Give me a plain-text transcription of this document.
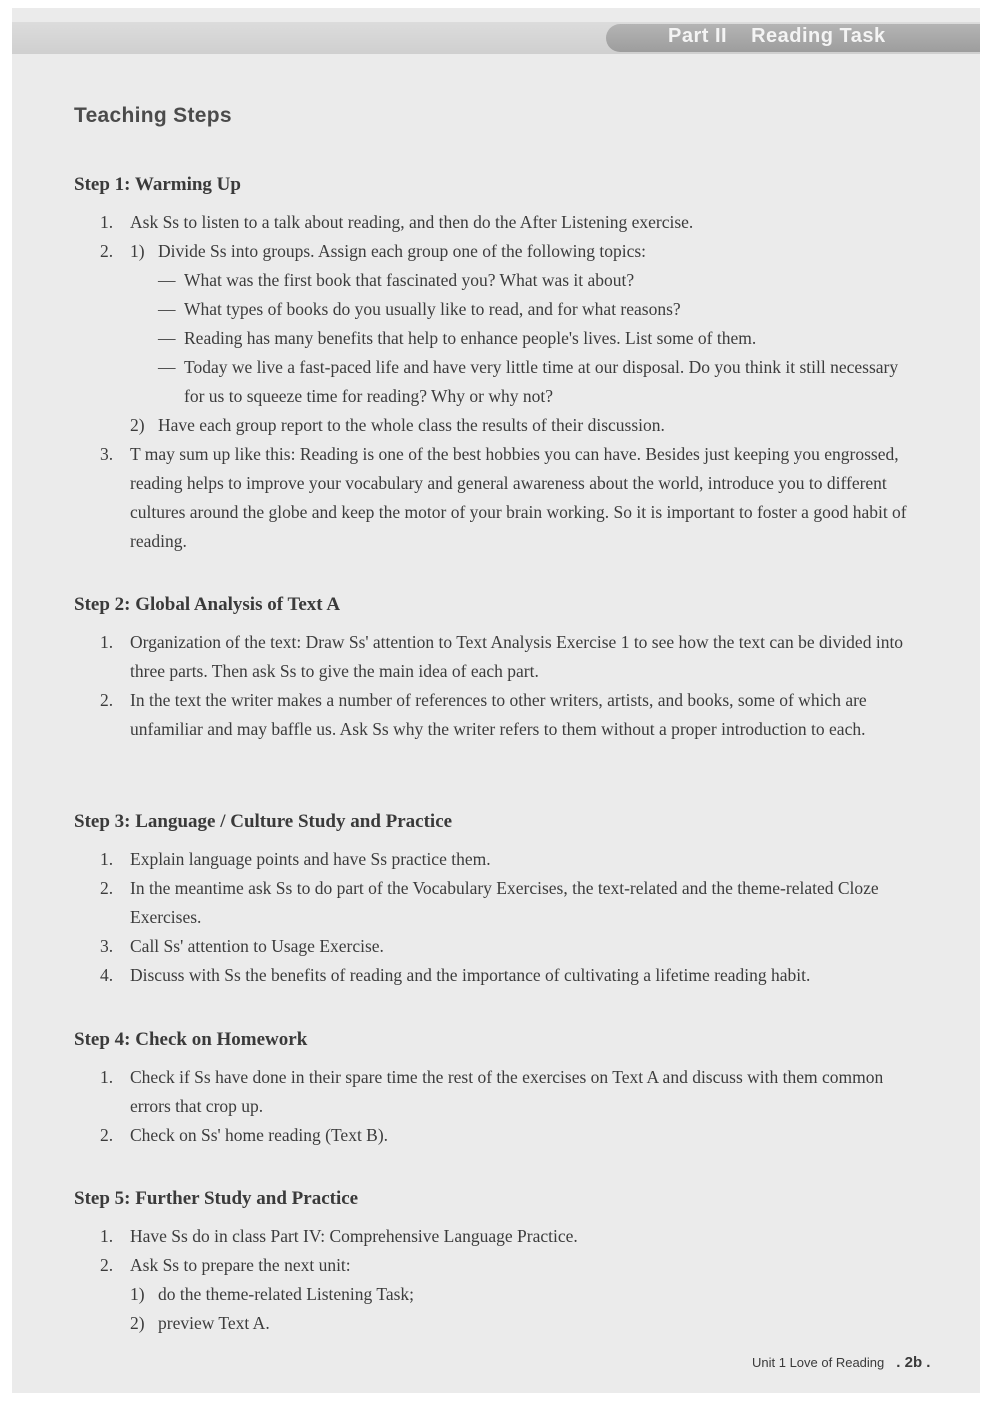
Part II Reading Task
Teaching Steps
Step 1: Warming Up
1. Ask Ss to listen to a talk about reading, and then do the After Listening exercise.
2. 1) Divide Ss into groups. Assign each group one of the following topics:
— What was the first book that fascinated you? What was it about?
— What types of books do you usually like to read, and for what reasons?
— Reading has many benefits that help to enhance people's lives. List some of them.
— Today we live a fast-paced life and have very little time at our disposal. Do you think it still necessary for us to squeeze time for reading? Why or why not?
2) Have each group report to the whole class the results of their discussion.
3. T may sum up like this: Reading is one of the best hobbies you can have. Besides just keeping you engrossed, reading helps to improve your vocabulary and general awareness about the world, introduce you to different cultures around the globe and keep the motor of your brain working. So it is important to foster a good habit of reading.
Step 2: Global Analysis of Text A
1. Organization of the text: Draw Ss' attention to Text Analysis Exercise 1 to see how the text can be divided into three parts. Then ask Ss to give the main idea of each part.
2. In the text the writer makes a number of references to other writers, artists, and books, some of which are unfamiliar and may baffle us. Ask Ss why the writer refers to them without a proper introduction to each.
Step 3: Language / Culture Study and Practice
1. Explain language points and have Ss practice them.
2. In the meantime ask Ss to do part of the Vocabulary Exercises, the text-related and the theme-related Cloze Exercises.
3. Call Ss' attention to Usage Exercise.
4. Discuss with Ss the benefits of reading and the importance of cultivating a lifetime reading habit.
Step 4: Check on Homework
1. Check if Ss have done in their spare time the rest of the exercises on Text A and discuss with them common errors that crop up.
2. Check on Ss' home reading (Text B).
Step 5: Further Study and Practice
1. Have Ss do in class Part IV: Comprehensive Language Practice.
2. Ask Ss to prepare the next unit:
1) do the theme-related Listening Task;
2) preview Text A.
Unit 1 Love of Reading . 2b .
